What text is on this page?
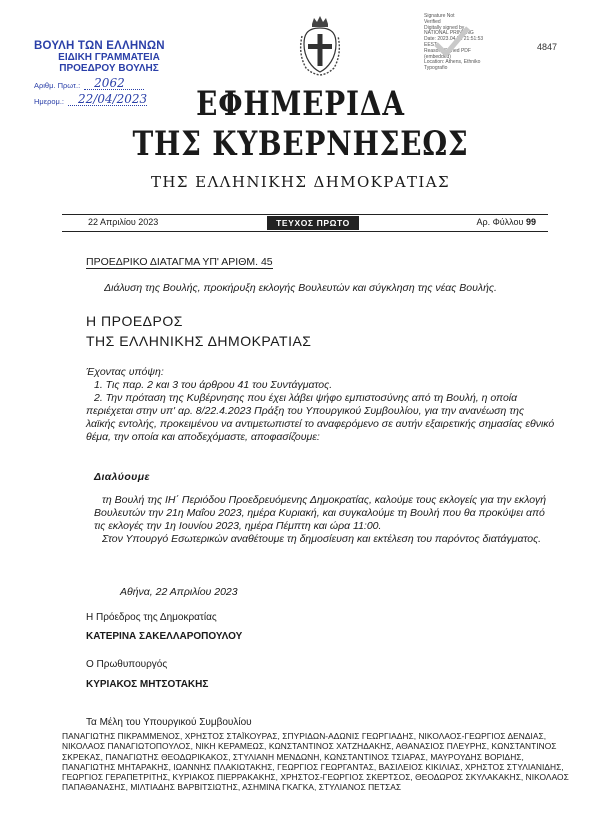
ΒΟΥΛΗ ΤΩΝ ΕΛΛΗΝΩΝ
ΕΙΔΙΚΗ ΓΡΑΜΜΑΤΕΙΑ
ΠΡΟΕΔΡΟΥ ΒΟΥΛΗΣ
Αριθμ. Πρωτ.:	2062
Ημερομ.:	22/04/2023
Signature Not
Verified
Digitally signed by
NATIONAL PRINTING
Date: 2023.04.22 21:51:53
EEST
Reason: Signed PDF
(embedded)
Location: Athens, Ethniko
Typografio
4847
ΕΦΗΜΕΡΙΔΑ
ΤΗΣ ΚΥΒΕΡΝΗΣΕΩΣ
ΤΗΣ ΕΛΛΗΝΙΚΗΣ ΔΗΜΟΚΡΑΤΙΑΣ
22 Απριλίου 2023	ΤΕΥΧΟΣ ΠΡΩΤΟ	Αρ. Φύλλου 99
ΠΡΟΕΔΡΙΚΟ ΔΙΑΤΑΓΜΑ ΥΠ' ΑΡΙΘΜ. 45
Διάλυση της Βουλής, προκήρυξη εκλογής Βουλευτών και σύγκληση της νέας Βουλής.
Η ΠΡΟΕΔΡΟΣ
ΤΗΣ ΕΛΛΗΝΙΚΗΣ ΔΗΜΟΚΡΑΤΙΑΣ

Έχοντας υπόψη:

1. Τις παρ. 2 και 3 του άρθρου 41 του Συντάγματος.

2. Την πρόταση της Κυβέρνησης που έχει λάβει ψήφο εμπιστοσύνης από τη Βουλή, η οποία περιέχεται στην υπ' αρ. 8/22.4.2023 Πράξη του Υπουργικού Συμβουλίου, για την ανανέωση της λαϊκής εντολής, προκειμένου να αντιμετωπιστεί το αναφερόμενο σε αυτήν εξαιρετικής σημασίας εθνικό θέμα, την οποία και αποδεχόμαστε, αποφασίζουμε:

Διαλύουμε

τη Βουλή της ΙΗ΄ Περιόδου Προεδρευόμενης Δημοκρατίας, καλούμε τους εκλογείς για την εκλογή Βουλευτών την 21η Μαΐου 2023, ημέρα Κυριακή, και συγκαλούμε τη Βουλή που θα προκύψει από τις εκλογές την 1η Ιουνίου 2023, ημέρα Πέμπτη και ώρα 11:00.

Στον Υπουργό Εσωτερικών αναθέτουμε τη δημοσίευση και εκτέλεση του παρόντος διατάγματος.

Αθήνα, 22 Απριλίου 2023
Η Πρόεδρος της Δημοκρατίας
ΚΑΤΕΡΙΝΑ ΣΑΚΕΛΛΑΡΟΠΟΥΛΟΥ
Ο Πρωθυπουργός
ΚΥΡΙΑΚΟΣ ΜΗΤΣΟΤΑΚΗΣ
Τα Μέλη του Υπουργικού Συμβουλίου
ΠΑΝΑΓΙΩΤΗΣ ΠΙΚΡΑΜΜΕΝΟΣ, ΧΡΗΣΤΟΣ ΣΤΑΪΚΟΥΡΑΣ, ΣΠΥΡΙΔΩΝ-ΑΔΩΝΙΣ ΓΕΩΡΓΙΑΔΗΣ, ΝΙΚΟΛΑΟΣ-ΓΕΩΡΓΙΟΣ ΔΕΝΔΙΑΣ,
ΝΙΚΟΛΑΟΣ ΠΑΝΑΓΙΩΤΟΠΟΥΛΟΣ, ΝΙΚΗ ΚΕΡΑΜΕΩΣ, ΚΩΝΣΤΑΝΤΙΝΟΣ ΧΑΤΖΗΔΑΚΗΣ, ΑΘΑΝΑΣΙΟΣ ΠΛΕΥΡΗΣ, ΚΩΝΣΤΑΝΤΙΝΟΣ
ΣΚΡΕΚΑΣ, ΠΑΝΑΓΙΩΤΗΣ ΘΕΟΔΩΡΙΚΑΚΟΣ, ΣΤΥΛΙΑΝΗ ΜΕΝΔΩΝΗ, ΚΩΝΣΤΑΝΤΙΝΟΣ ΤΣΙΑΡΑΣ, ΜΑΥΡΟΥΔΗΣ ΒΟΡΙΔΗΣ,
ΠΑΝΑΓΙΩΤΗΣ ΜΗΤΑΡΑΚΗΣ, ΙΩΑΝΝΗΣ ΠΛΑΚΙΩΤΑΚΗΣ, ΓΕΩΡΓΙΟΣ ΓΕΩΡΓΑΝΤΑΣ, ΒΑΣΙΛΕΙΟΣ ΚΙΚΙΛΙΑΣ, ΧΡΗΣΤΟΣ ΣΤΥΛΙΑΝΙΔΗΣ,
ΓΕΩΡΓΙΟΣ ΓΕΡΑΠΕΤΡΙΤΗΣ, ΚΥΡΙΑΚΟΣ ΠΙΕΡΡΑΚΑΚΗΣ, ΧΡΗΣΤΟΣ-ΓΕΩΡΓΙΟΣ ΣΚΕΡΤΣΟΣ, ΘΕΟΔΩΡΟΣ ΣΚΥΛΑΚΑΚΗΣ, ΝΙΚΟΛΑΟΣ
ΠΑΠΑΘΑΝΑΣΗΣ, ΜΙΛΤΙΑΔΗΣ ΒΑΡΒΙΤΣΙΩΤΗΣ, ΑΣΗΜΙΝΑ ΓΚΑΓΚΑ, ΣΤΥΛΙΑΝΟΣ ΠΕΤΣΑΣ
